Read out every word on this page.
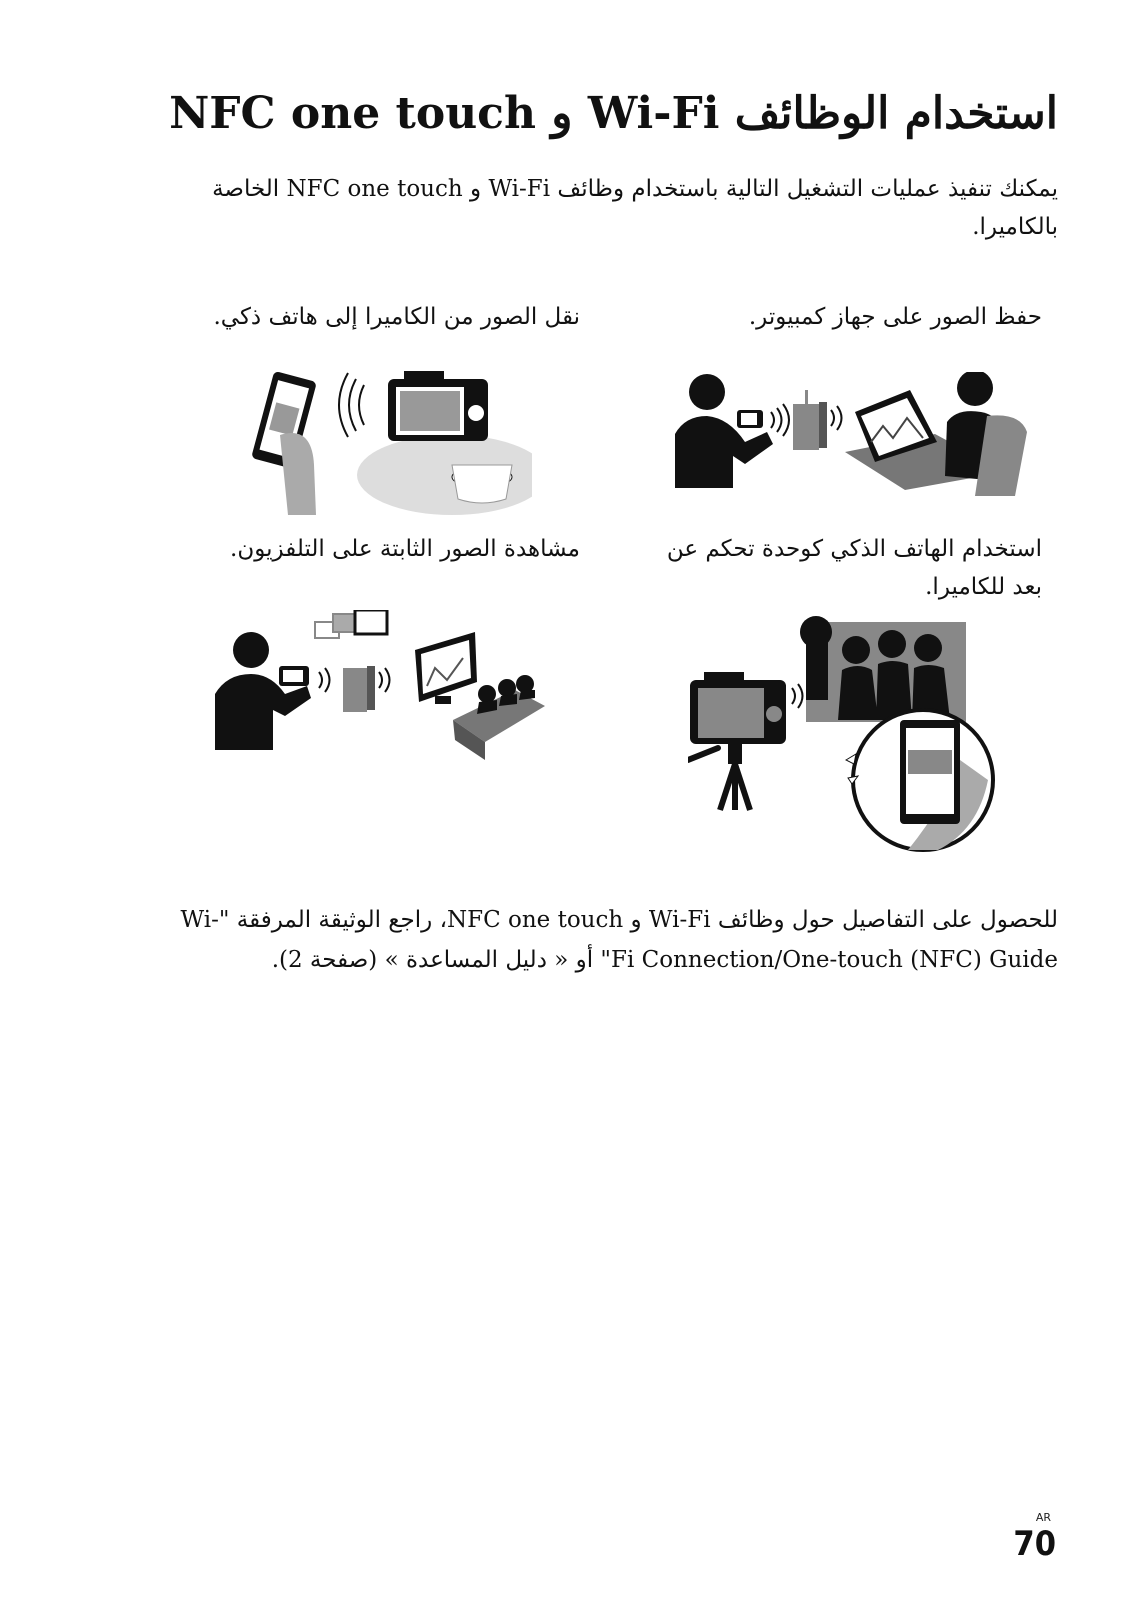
استخدام الوظائف Wi-Fi و NFC one touch
يمكنك تنفيذ عمليات التشغيل التالية باستخدام وظائف Wi-Fi و NFC one touch الخاصة بالكاميرا.
حفظ الصور على جهاز كمبيوتر.
نقل الصور من الكاميرا إلى هاتف ذكي.
استخدام الهاتف الذكي كوحدة تحكم عن بعد للكاميرا.
مشاهدة الصور الثابتة على التلفزيون.
للحصول على التفاصيل حول وظائف Wi-Fi و NFC one touch، راجع الوثيقة المرفقة "Wi-Fi Connection/One-touch (NFC) Guide" أو « دليل المساعدة » (صفحة 2).
AR
70
